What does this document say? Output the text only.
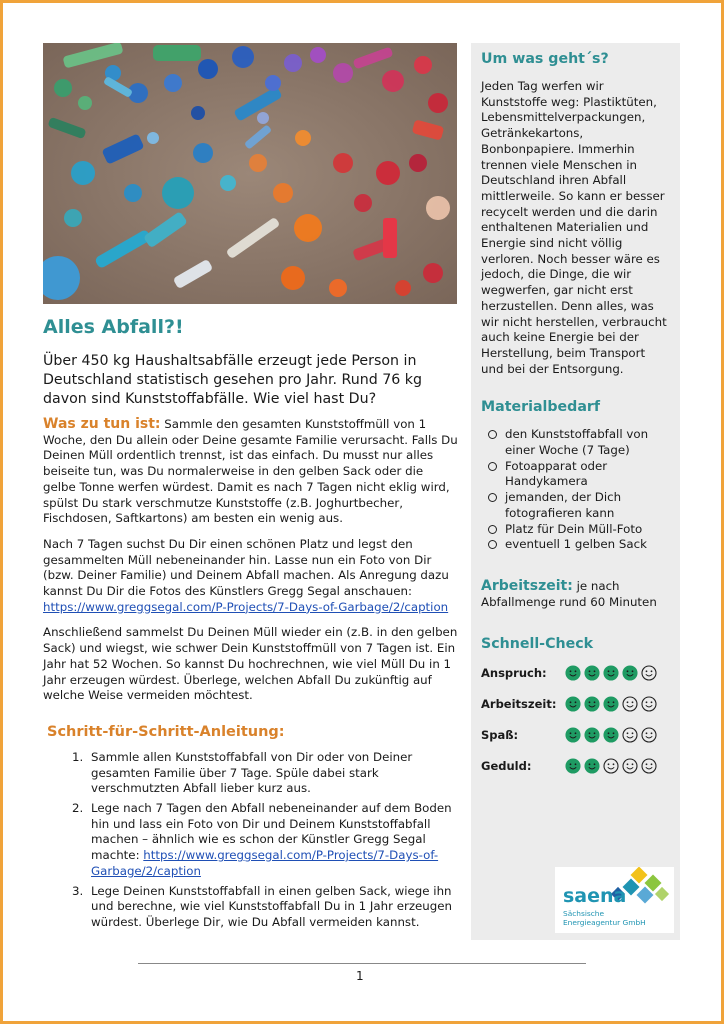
Alles Abfall?!

Über 450 kg Haushaltsabfälle erzeugt jede Person in Deutschland statistisch gesehen pro Jahr. Rund 76 kg davon sind Kunststoffabfälle. Wie viel hast Du?

Was zu tun ist: Sammle den gesamten Kunststoffmüll von 1 Woche, den Du allein oder Deine gesamte Familie verursacht. Falls Du Deinen Müll ordentlich trennst, ist das einfach. Du musst nur alles beiseite tun, was Du normalerweise in den gelben Sack oder die gelbe Tonne werfen würdest. Damit es nach 7 Tagen nicht eklig wird, spülst Du stark verschmutze Kunststoffe (z.B. Joghurtbecher, Fischdosen, Saftkartons) am besten ein wenig aus.

Nach 7 Tagen suchst Du Dir einen schönen Platz und legst den gesammelten Müll nebeneinander hin. Lasse nun ein Foto von Dir (bzw. Deiner Familie) und Deinem Abfall machen. Als Anregung dazu kannst Du Dir die Fotos des Künstlers Gregg Segal anschauen: https://www.greggsegal.com/P-Projects/7-Days-of-Garbage/2/caption

Anschließend sammelst Du Deinen Müll wieder ein (z.B. in den gelben Sack) und wiegst, wie schwer Dein Kunststoffmüll von 7 Tagen ist. Ein Jahr hat 52 Wochen. So kannst Du hochrechnen, wie viel Müll Du in 1 Jahr erzeugen würdest. Überlege, welchen Abfall Du zukünftig auf welche Weise vermeiden möchtest.

Schritt-für-Schritt-Anleitung:
1. Sammle allen Kunststoffabfall von Dir oder von Deiner gesamten Familie über 7 Tage. Spüle dabei stark verschmutzten Abfall lieber kurz aus.
2. Lege nach 7 Tagen den Abfall nebeneinander auf dem Boden hin und lass ein Foto von Dir und Deinem Kunststoffabfall machen – ähnlich wie es schon der Künstler Gregg Segal machte: https://www.greggsegal.com/P-Projects/7-Days-of-Garbage/2/caption
3. Lege Deinen Kunststoffabfall in einen gelben Sack, wiege ihn und berechne, wie viel Kunststoffabfall Du in 1 Jahr erzeugen würdest. Überlege Dir, wie Du Abfall vermeiden kannst.
Um was geht´s?

Jeden Tag werfen wir Kunststoffe weg: Plastiktüten, Lebensmittelverpackungen, Getränkekartons, Bonbonpapiere. Immerhin trennen viele Menschen in Deutschland ihren Abfall mittlerweile. So kann er besser recycelt werden und die darin enthaltenen Materialien und Energie sind nicht völlig verloren. Noch besser wäre es jedoch, die Dinge, die wir wegwerfen, gar nicht erst herzustellen. Denn alles, was wir nicht herstellen, verbraucht auch keine Energie bei der Herstellung, beim Transport und bei der Entsorgung.

Materialbedarf
den Kunststoffabfall von einer Woche (7 Tage)
Fotoapparat oder Handykamera
jemanden, der Dich fotografieren kann
Platz für Dein Müll-Foto
eventuell 1 gelben Sack

Arbeitszeit: je nach Abfallmenge rund 60 Minuten

Schnell-Check
Anspruch:
Arbeitszeit:
Spaß:
Geduld:
saena
Sächsische
Energieagentur GmbH
1
